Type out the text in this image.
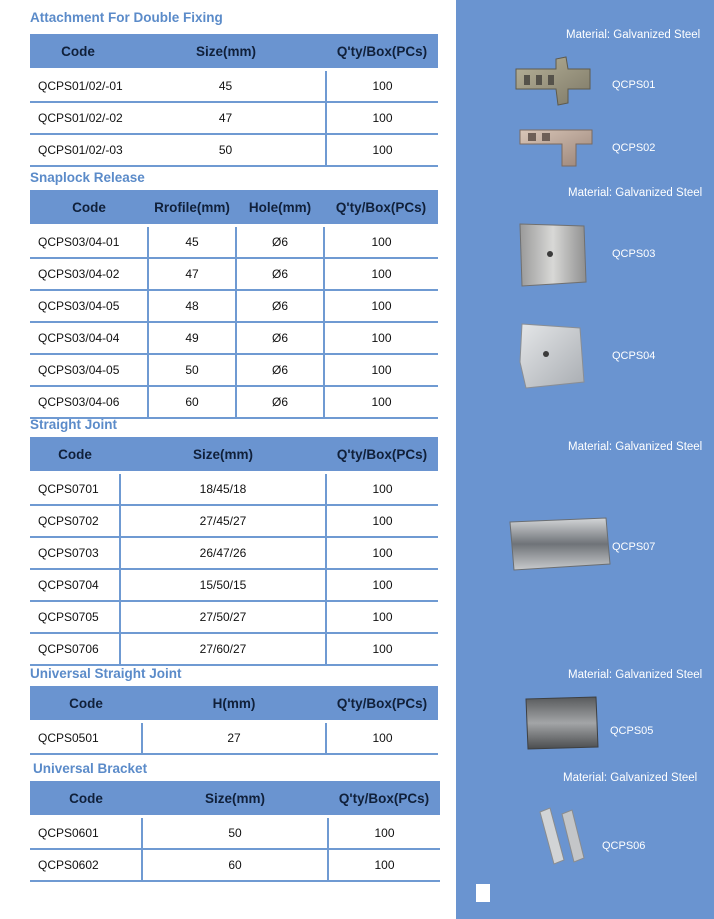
Attachment For Double Fixing
Code	Size(mm)	Q'ty/Box(PCs)

QCPS01/02/-01	45	100
QCPS01/02/-02	47	100
QCPS01/02/-03	50	100
Snaplock Release
Code	Rrofile(mm)	Hole(mm)	Q'ty/Box(PCs)

QCPS03/04-01	45	Ø6	100
QCPS03/04-02	47	Ø6	100
QCPS03/04-05	48	Ø6	100
QCPS03/04-04	49	Ø6	100
QCPS03/04-05	50	Ø6	100
QCPS03/04-06	60	Ø6	100
Straight Joint
Code	Size(mm)	Q'ty/Box(PCs)

QCPS0701	18/45/18	100
QCPS0702	27/45/27	100
QCPS0703	26/47/26	100
QCPS0704	15/50/15	100
QCPS0705	27/50/27	100
QCPS0706	27/60/27	100
Universal Straight Joint
Code	H(mm)	Q'ty/Box(PCs)

QCPS0501	27	100
Universal Bracket
Code	Size(mm)	Q'ty/Box(PCs)

QCPS0601	50	100
QCPS0602	60	100
Material: Galvanized Steel
QCPS01
QCPS02
Material: Galvanized Steel
QCPS03
QCPS04
Material: Galvanized Steel
QCPS07
Material: Galvanized Steel
QCPS05
Material: Galvanized Steel
QCPS06
